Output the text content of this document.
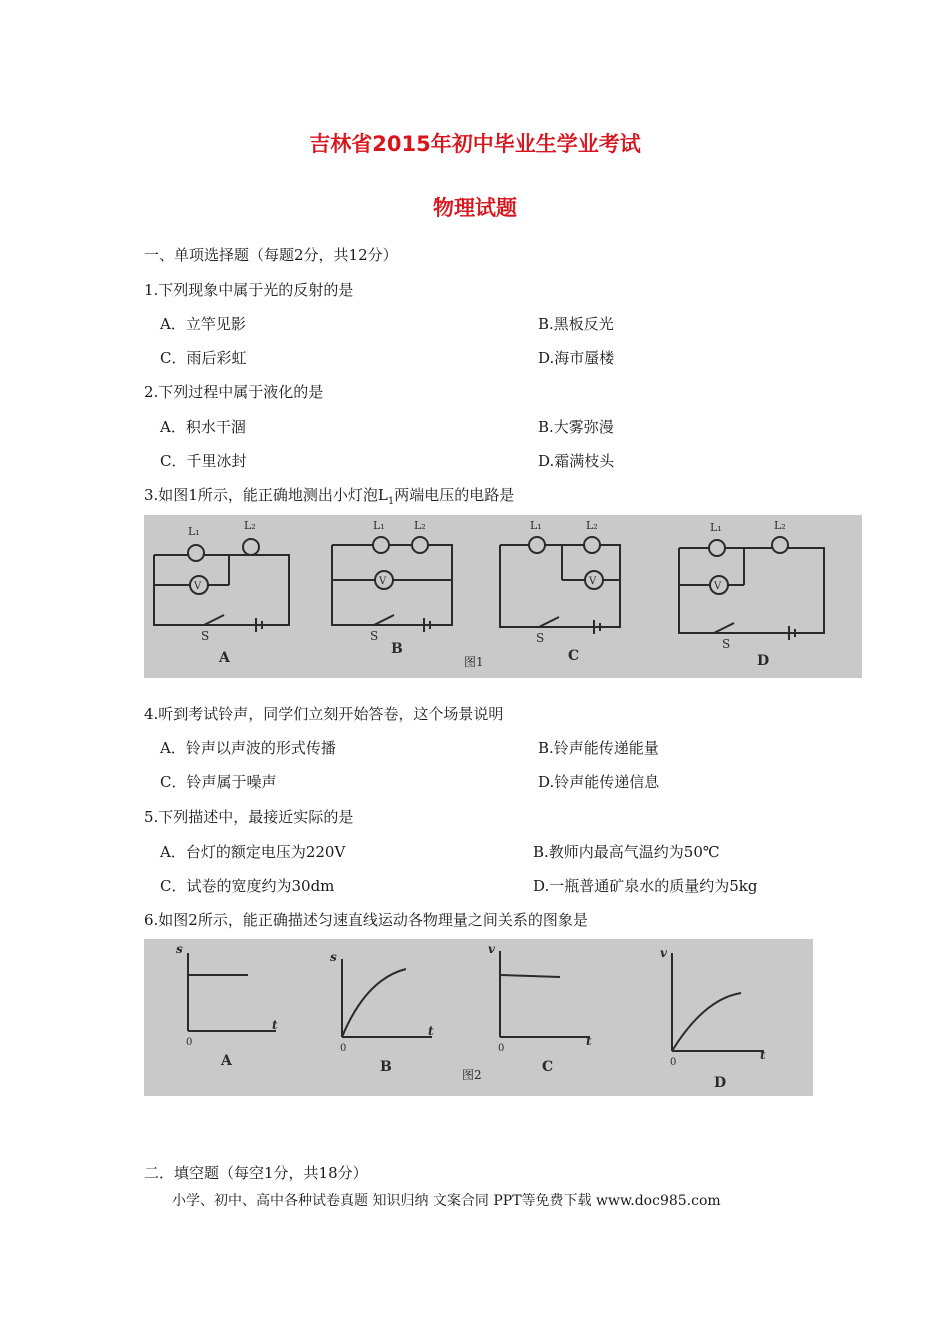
吉林省2015年初中毕业生学业考试
物理试题
一、单项选择题（每题2分，共12分）
1.下列现象中属于光的反射的是
A．立竿见影	B.黑板反光
C．雨后彩虹	D.海市蜃楼
2.下列过程中属于液化的是
A．积水干涸	B.大雾弥漫
C．千里冰封	D.霜满枝头
3.如图1所示，能正确地测出小灯泡$L_1$两端电压的电路是
L₁	L₂	L₁	L₂	L₁	L₂	L₁	L₂
V	V	V	V
S	S	S	S
A
B	C	D
图1
4.听到考试铃声，同学们立刻开始答卷，这个场景说明
A．铃声以声波的形式传播	B.铃声能传递能量
C．铃声属于噪声	D.铃声能传递信息
5.下列描述中，最接近实际的是
A．台灯的额定电压为220V	B.教师内最高气温约为50℃
C．试卷的宽度约为30dm	D.一瓶普通矿泉水的质量约为5kg
6.如图2所示，能正确描述匀速直线运动各物理量之间关系的图象是
s
t
s
t
v
t
v
t
0
0	0
0
A	B	C
D
图2
二．填空题（每空1分，共18分）
小学、初中、高中各种试卷真题 知识归纳 文案合同 PPT等免费下载 www.doc985.com
